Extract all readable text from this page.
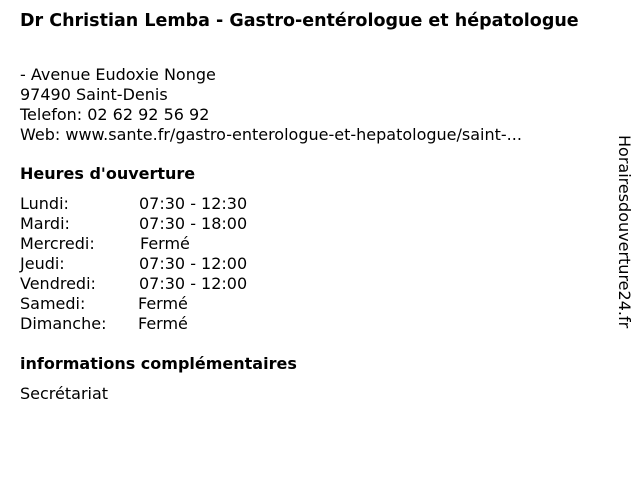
Dr Christian Lemba - Gastro-entérologue et hépatologue
- Avenue Eudoxie Nonge
97490 Saint-Denis
Telefon: 02 62 92 56 92
Web: www.sante.fr/gastro-enterologue-et-hepatologue/saint-...
Heures d'ouverture
Lundi:	07:30 - 12:30
Mardi:	07:30 - 18:00
Mercredi:	Fermé
Jeudi:	07:30 - 12:00
Vendredi:	07:30 - 12:00
Samedi:	Fermé
Dimanche: Fermé
informations complémentaires
Secrétariat
Horairesdouverture24.fr
